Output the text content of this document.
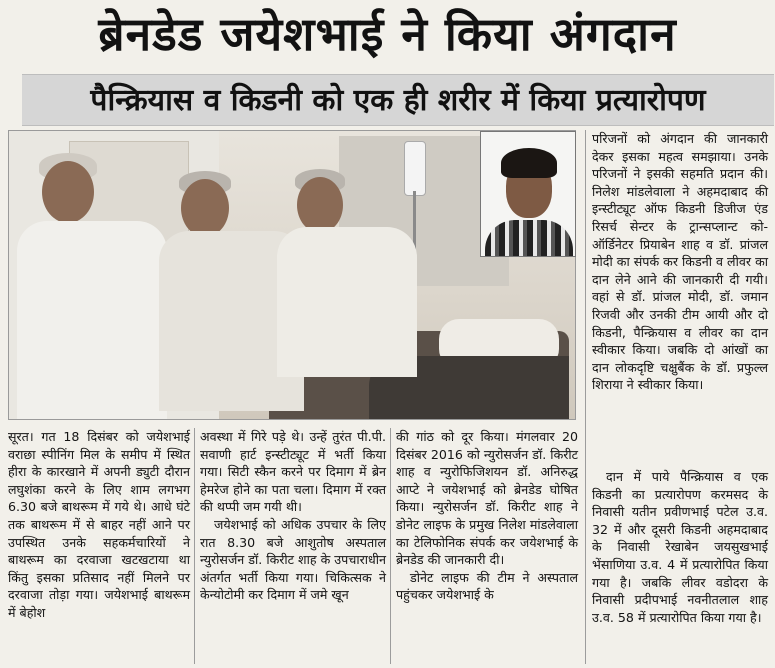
ब्रेनडेड जयेशभाई ने किया अंगदान
पैन्क्रियास व किडनी को एक ही शरीर में किया प्रत्यारोपण

परिजनों को अंगदान की जानकारी देकर इसका महत्व समझाया। उनके परिजनों ने इसकी सहमति प्रदान की। निलेश मांडलेवाला ने अहमदाबाद की इन्स्टीट्यूट ऑफ किडनी डिजीज एंड रिसर्च सेन्टर के ट्रान्सप्लान्ट को-ऑर्डिनेटर प्रियाबेन शाह व डॉ. प्रांजल मोदी का संपर्क कर किडनी व लीवर का दान लेने आने की जानकारी दी गयी। वहां से डॉ. प्रांजल मोदी, डॉ. जमान रिजवी और उनकी टीम आयी और दो किडनी, पैन्क्रियास व लीवर का दान स्वीकार किया। जबकि दो आंखों का दान लोकदृष्टि चक्षुबैंक के डॉ. प्रफुल्ल शिराया ने स्वीकार किया।

दान में पाये पैन्क्रियास व एक किडनी का प्रत्यारोपण करमसद के निवासी यतीन प्रवीणभाई पटेल उ.व. 32 में और दूसरी किडनी अहमदाबाद के निवासी रेखाबेन जयसुखभाई भेंसाणिया उ.व. 4 में प्रत्यारोपित किया गया है। जबकि लीवर वडोदरा के निवासी प्रदीपभाई नवनीतलाल शाह उ.व. 58 में प्रत्यारोपित किया गया है।

सूरत। गत 18 दिसंबर को जयेशभाई वराछा स्पीनिंग मिल के समीप में स्थित हीरा के कारखाने में अपनी ड्युटी दौरान लघुशंका करने के लिए शाम लगभग 6.30 बजे बाथरूम में गये थे। आधे घंटे तक बाथरूम में से बाहर नहीं आने पर उपस्थित उनके सहकर्मचारियों ने बाथरूम का दरवाजा खटखटाया था किंतु इसका प्रतिसाद नहीं मिलने पर दरवाजा तोड़ा गया। जयेशभाई बाथरूम में बेहोश

अवस्था में गिरे पड़े थे। उन्हें तुरंत पी.पी. सवाणी हार्ट इन्स्टीट्यूट में भर्ती किया गया। सिटी स्कैन करने पर दिमाग में ब्रेन हेमरेज होने का पता चला। दिमाग में रक्त की थप्पी जम गयी थी।

जयेशभाई को अधिक उपचार के लिए रात 8.30 बजे आशुतोष अस्पताल न्युरोसर्जन डॉ. किरीट शाह के उपचाराधीन अंतर्गत भर्ती किया गया। चिकित्सक ने केन्योटोमी कर दिमाग में जमे खून

की गांठ को दूर किया। मंगलवार 20 दिसंबर 2016 को न्युरोसर्जन डॉ. किरीट शाह व न्युरोफिजिशयन डॉ. अनिरुद्ध आप्टे ने जयेशभाई को ब्रेनडेड घोषित किया। न्युरोसर्जन डॉ. किरीट शाह ने डोनेट लाइफ के प्रमुख निलेश मांडलेवाला का टेलिफोनिक संपर्क कर जयेशभाई के ब्रेनडेड की जानकारी दी।

डोनेट लाइफ की टीम ने अस्पताल पहुंचकर जयेशभाई के
